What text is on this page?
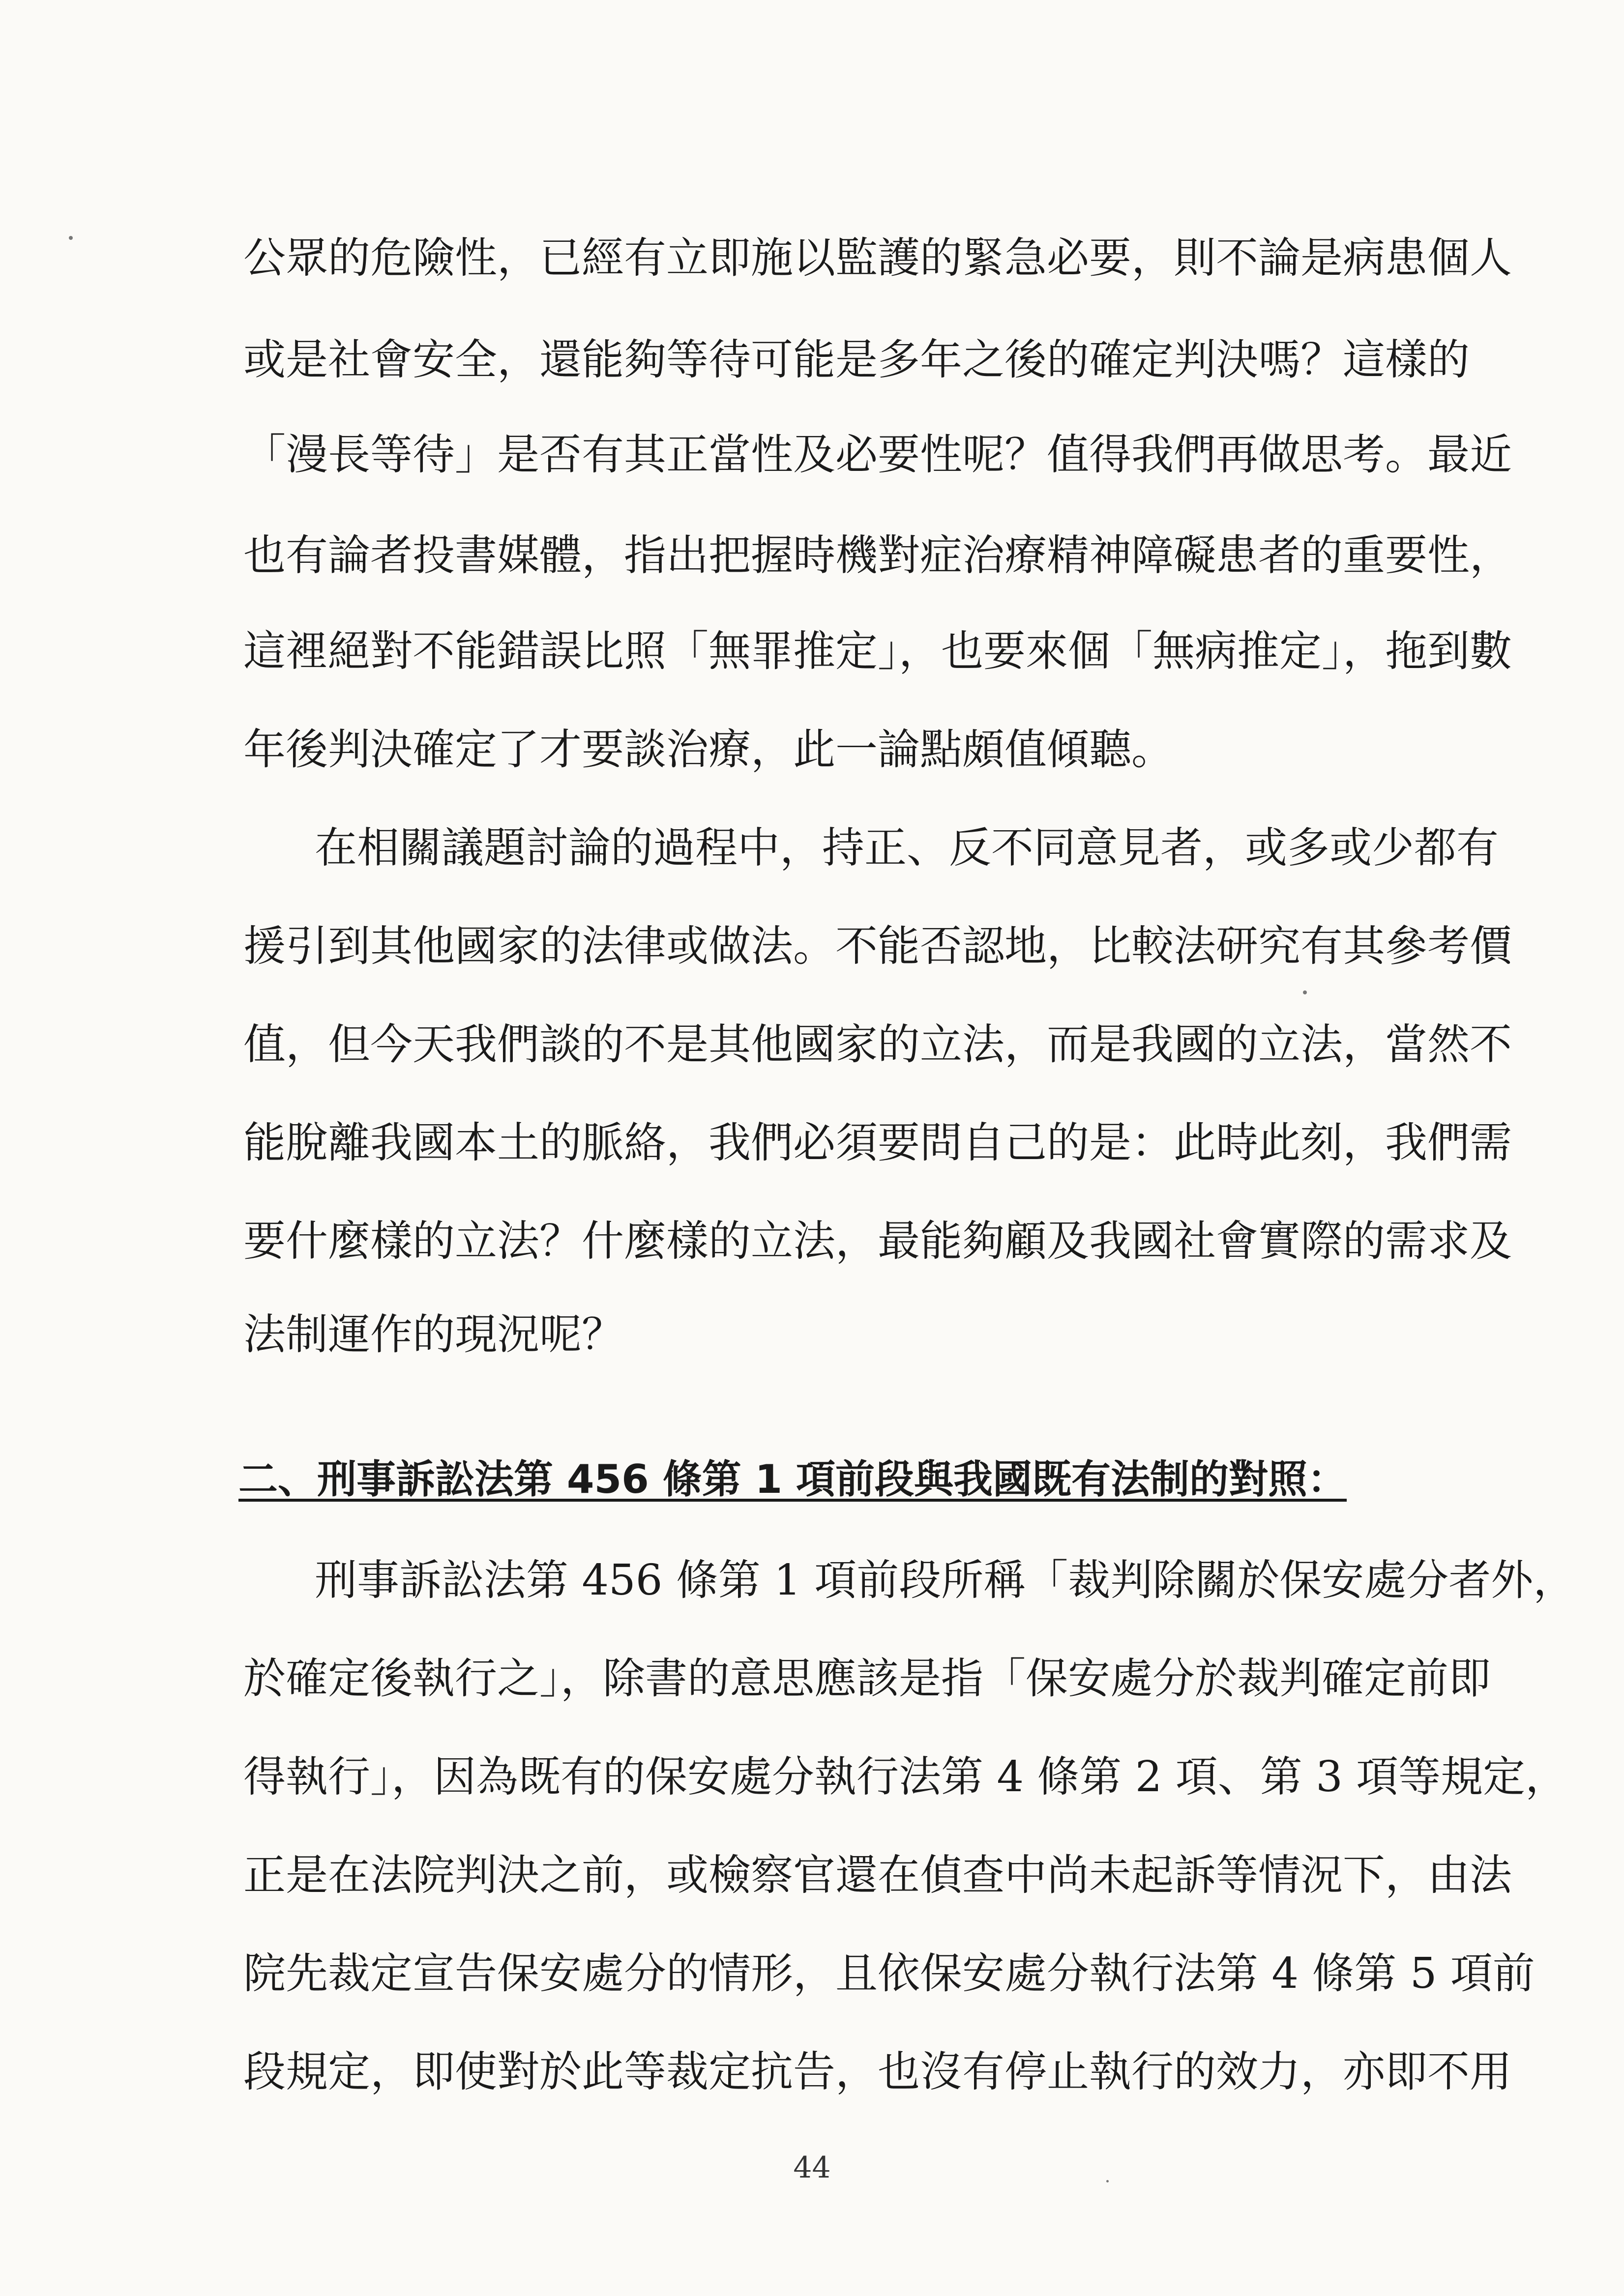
公眾的危險性，已經有立即施以監護的緊急必要，則不論是病患個人
或是社會安全，還能夠等待可能是多年之後的確定判決嗎？這樣的
「漫長等待」是否有其正當性及必要性呢？值得我們再做思考。最近
也有論者投書媒體，指出把握時機對症治療精神障礙患者的重要性，
這裡絕對不能錯誤比照「無罪推定」，也要來個「無病推定」，拖到數
年後判決確定了才要談治療，此一論點頗值傾聽。
在相關議題討論的過程中，持正、反不同意見者，或多或少都有
援引到其他國家的法律或做法。不能否認地，比較法研究有其參考價
值，但今天我們談的不是其他國家的立法，而是我國的立法，當然不
能脫離我國本土的脈絡，我們必須要問自己的是：此時此刻，我們需
要什麼樣的立法？什麼樣的立法，最能夠顧及我國社會實際的需求及
法制運作的現況呢？
二、刑事訴訟法第 456 條第 1 項前段與我國既有法制的對照：
刑事訴訟法第 456 條第 1 項前段所稱「裁判除關於保安處分者外，
於確定後執行之」，除書的意思應該是指「保安處分於裁判確定前即
得執行」，因為既有的保安處分執行法第 4 條第 2 項、第 3 項等規定，
正是在法院判決之前，或檢察官還在偵查中尚未起訴等情況下，由法
院先裁定宣告保安處分的情形，且依保安處分執行法第 4 條第 5 項前
段規定，即使對於此等裁定抗告，也沒有停止執行的效力，亦即不用
44
